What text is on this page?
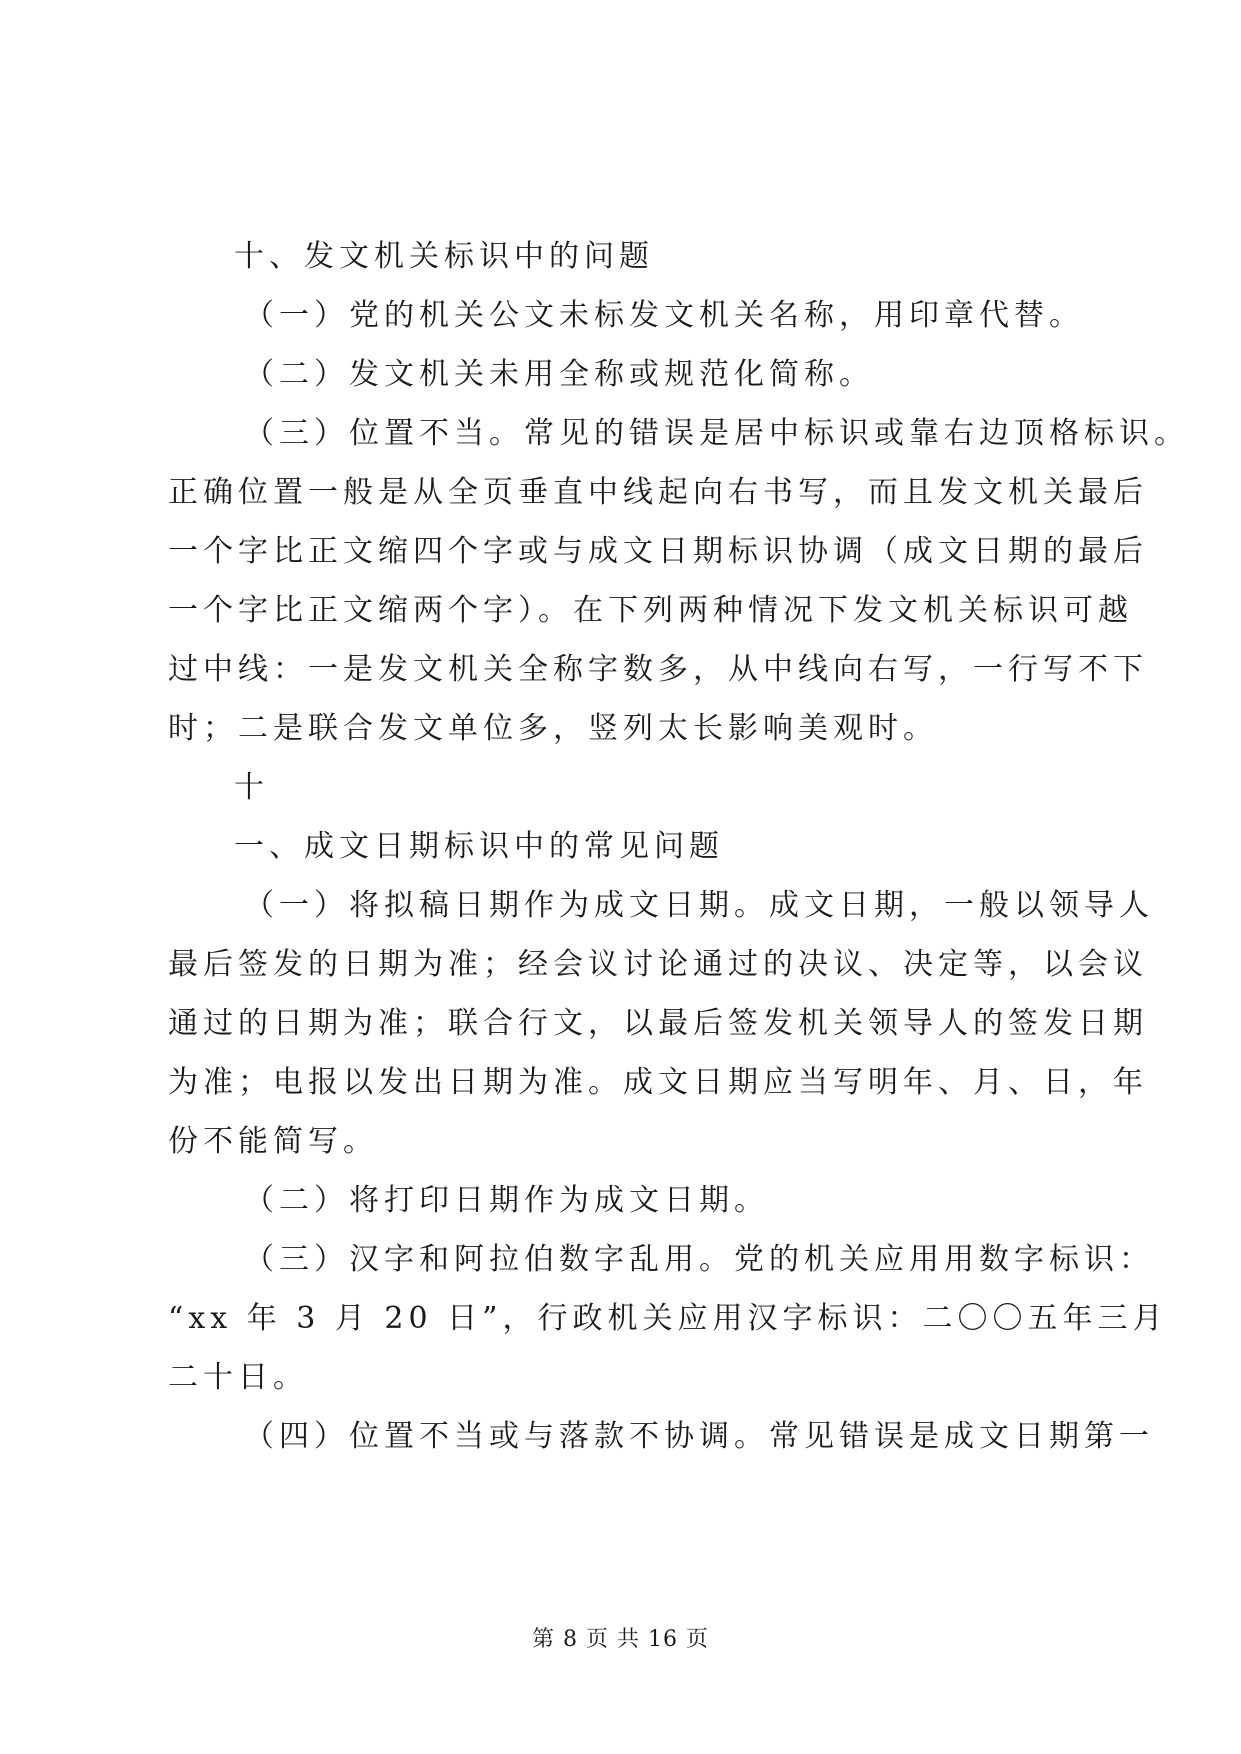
十、发文机关标识中的问题
（一）党的机关公文未标发文机关名称，用印章代替。
（二）发文机关未用全称或规范化简称。
（三）位置不当。常见的错误是居中标识或靠右边顶格标识。
正确位置一般是从全页垂直中线起向右书写，而且发文机关最后
一个字比正文缩四个字或与成文日期标识协调（成文日期的最后
一个字比正文缩两个字）。在下列两种情况下发文机关标识可越
过中线：一是发文机关全称字数多，从中线向右写，一行写不下
时；二是联合发文单位多，竖列太长影响美观时。
十
一、成文日期标识中的常见问题
（一）将拟稿日期作为成文日期。成文日期，一般以领导人
最后签发的日期为准；经会议讨论通过的决议、决定等，以会议
通过的日期为准；联合行文，以最后签发机关领导人的签发日期
为准；电报以发出日期为准。成文日期应当写明年、月、日，年
份不能简写。
（二）将打印日期作为成文日期。
（三）汉字和阿拉伯数字乱用。党的机关应用用数字标识：
“xx 年 3 月 20 日”，行政机关应用汉字标识：二〇〇五年三月
二十日。
（四）位置不当或与落款不协调。常见错误是成文日期第一
第 8 页 共 16 页
